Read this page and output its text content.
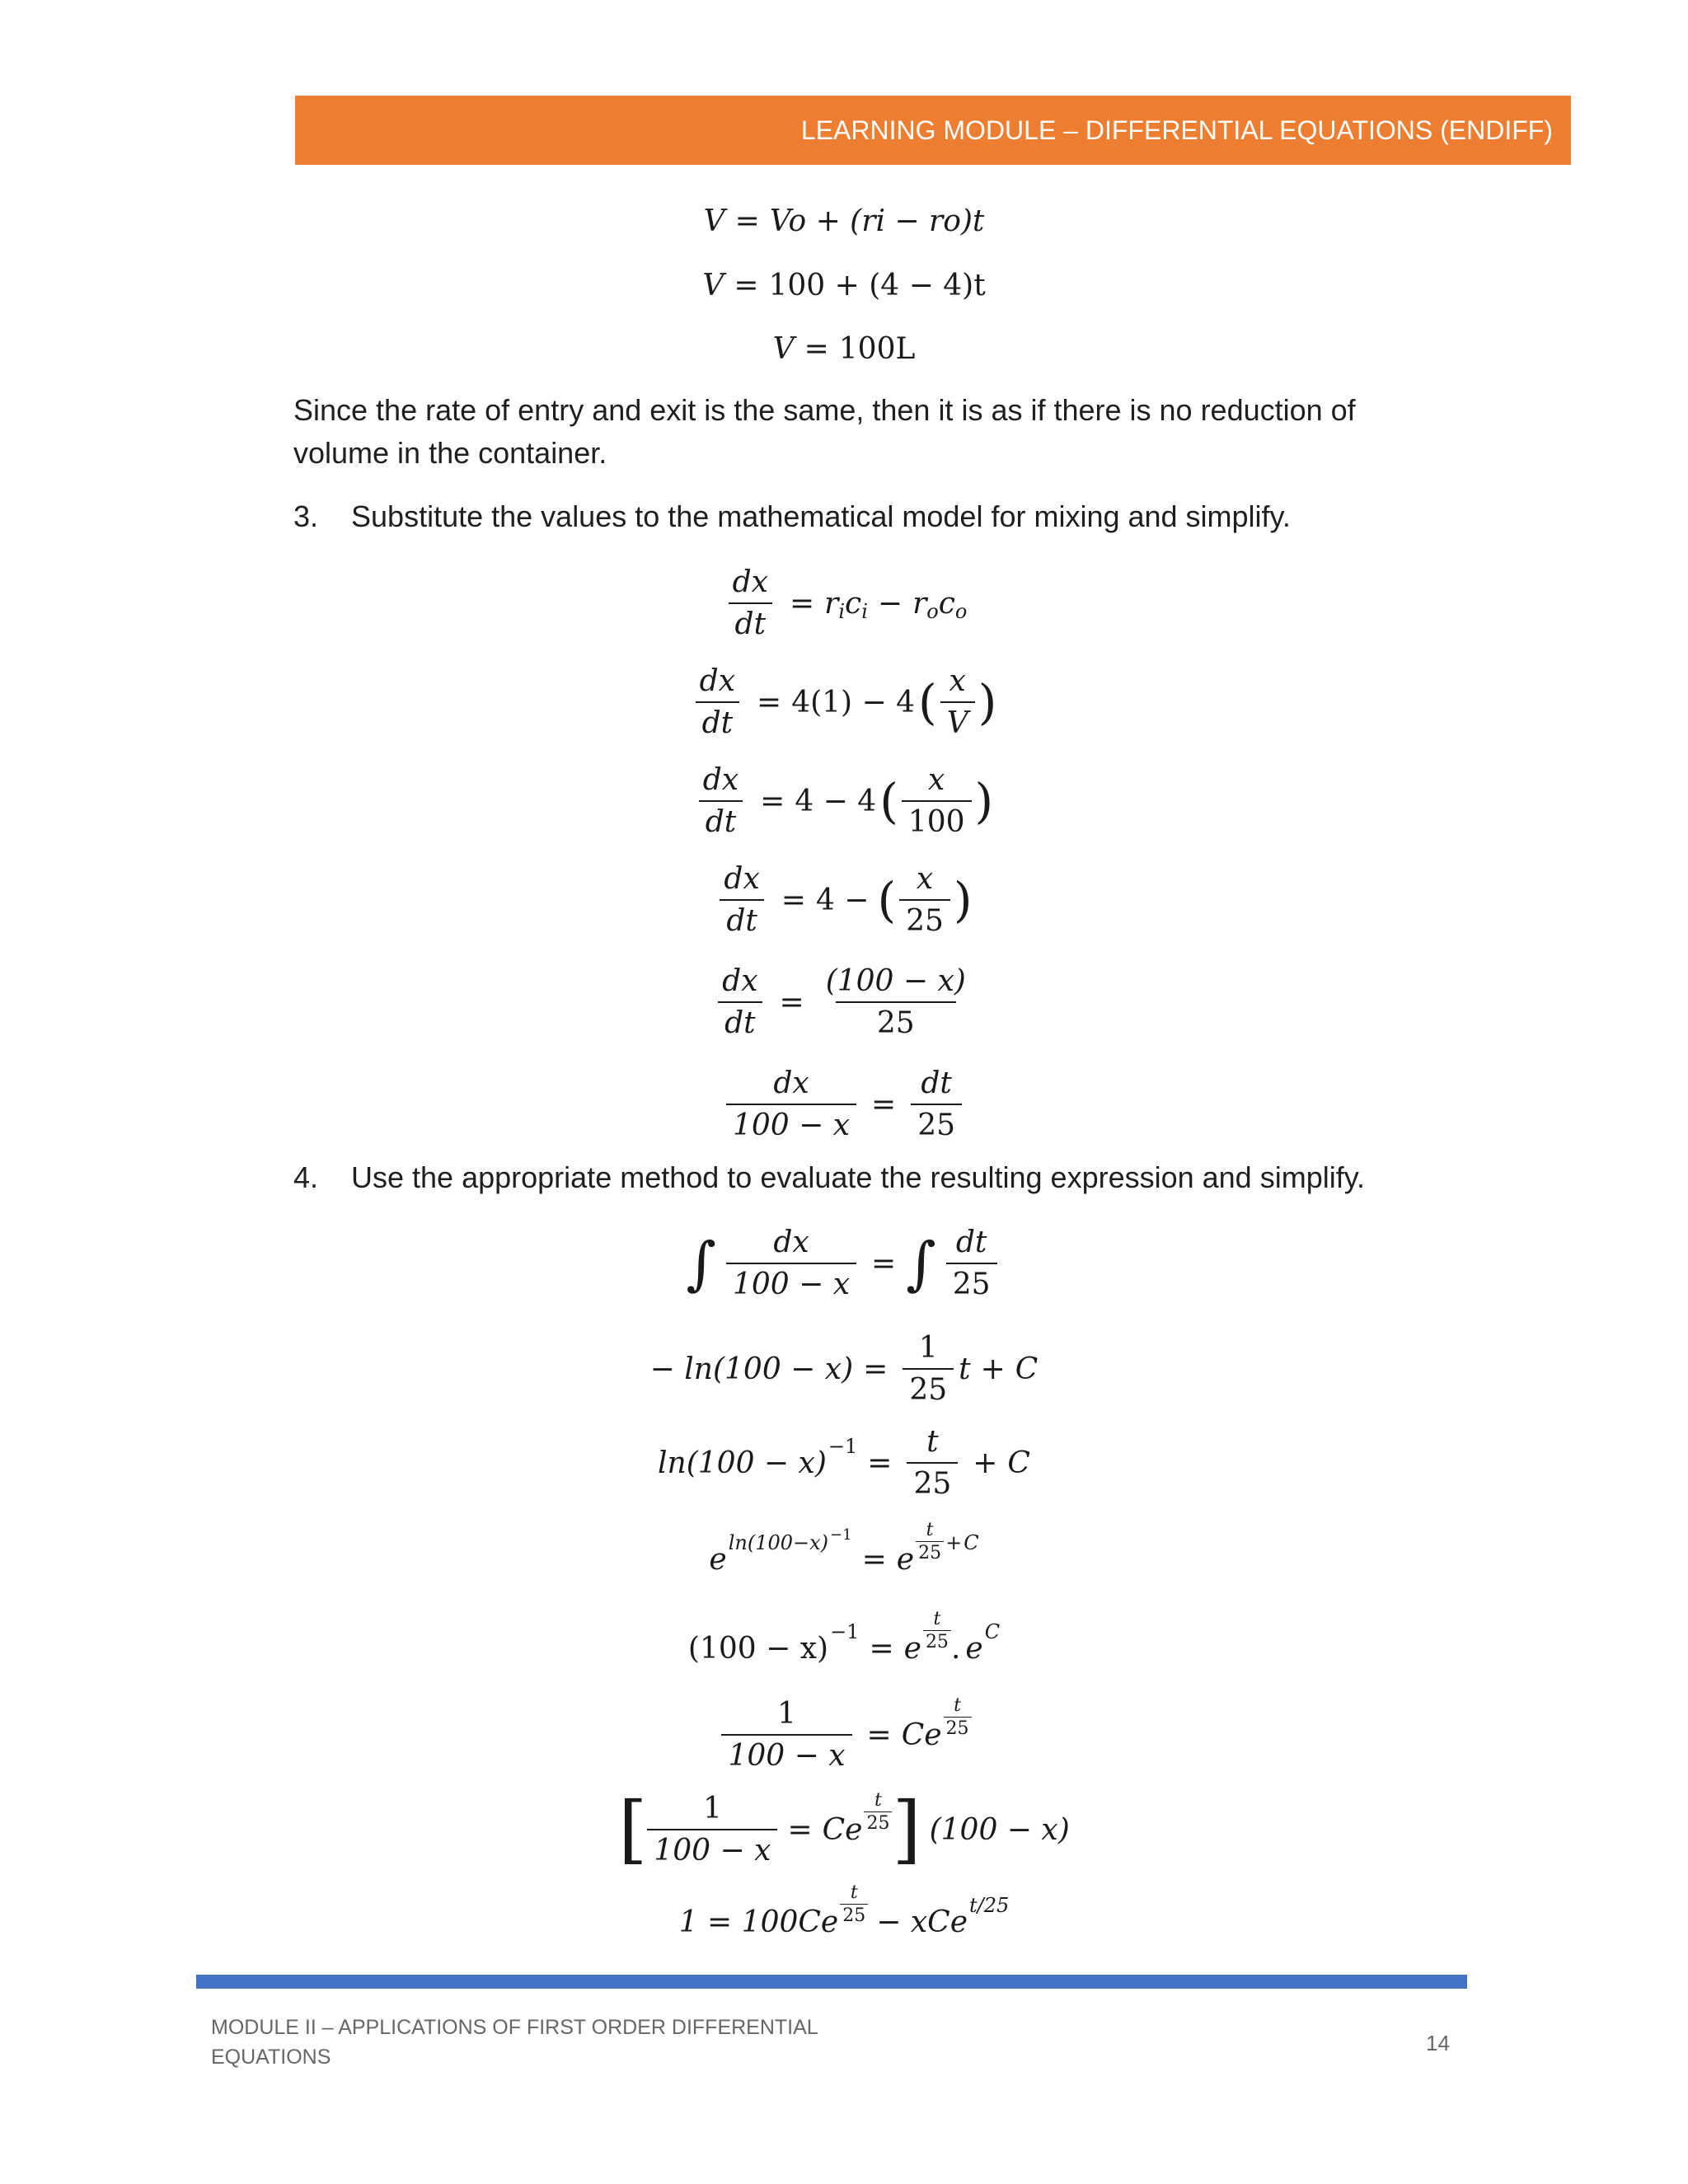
LEARNING MODULE – DIFFERENTIAL EQUATIONS (ENDIFF)
V = Vo + (ri − ro)t
V = 100 + (4 − 4)t
V = 100L
Since the rate of entry and exit is the same, then it is as if there is no reduction of volume in the container.
3. Substitute the values to the mathematical model for mixing and simplify.
$\frac{dx}{dt} = r$ i c i − r o c o
$\frac{dx}{dt} = 4(1) - 4$ ( $\frac{x}{V}$ )
$\frac{dx}{dt} = 4 - 4$ ( $\frac{x}{100}$ )
$\frac{dx}{dt} = 4$ − ( $\frac{x}{25}$ )
$\frac{dx}{dt} = \frac{(100 - x)}{25}$
$\frac{dx}{100 - x} = \frac{dt}{25}$
4. Use the appropriate method to evaluate the resulting expression and simplify.
∫ $\frac{dx}{100 - x}$ = ∫ $\frac{dt}{25}$
− $\ln(100 - x) = \frac{1}{25}$ t + C
$\ln(100 - x) -1 = \frac{t}{25} + C$
e ln(100−x) −1
= e $\frac{t}{25} + C$
(100 − x) −1 = e $\frac{t}{25}$ . e C
$\frac{1}{100 - x} = C$ e $\frac{t}{25}$
[ $\frac{1}{100 - x} = C$ e $\frac{t}{25}$ ] (100 − x)
$1 = 100Ce \frac{t}{25}$ − xCe t/25
MODULE II – APPLICATIONS OF FIRST ORDER DIFFERENTIAL EQUATIONS
14
